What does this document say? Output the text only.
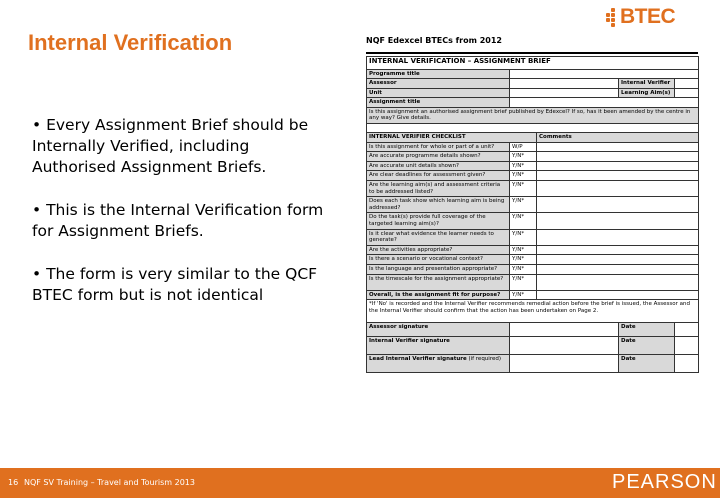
Internal Verification
BTEC
• Every Assignment Brief should be Internally Verified, including Authorised Assignment Briefs.
• This is the Internal Verification form for Assignment Briefs.
• The form is very similar to the QCF BTEC form but is not identical
NQF Edexcel BTECs from 2012
INTERNAL VERIFICATION – ASSIGNMENT BRIEF				
Programme title				
Assessor			Internal Verifier	
Unit			Learning Aim(s)	
Assignment title				
Is this assignment an authorised assignment brief published by Edexcel? If so, has it been amended by the centre in any way? Give details.				

INTERNAL VERIFIER CHECKLIST		Comments		
Is this assignment for whole or part of a unit?	W/P			
Are accurate programme details shown?	Y/N*			
Are accurate unit details shown?	Y/N*			
Are clear deadlines for assessment given?	Y/N*			
Are the learning aim(s) and assessment criteria to be addressed listed?	Y/N*			
Does each task show which learning aim is being addressed?	Y/N*			
Do the task(s) provide full coverage of the targeted learning aim(s)?	Y/N*			
Is it clear what evidence the learner needs to generate?	Y/N*			
Are the activities appropriate?	Y/N*			
Is there a scenario or vocational context?	Y/N*			
Is the language and presentation appropriate?	Y/N*			
Is the timescale for the assignment appropriate?	Y/N*			
Overall, is the assignment fit for purpose?	Y/N*			
*If 'No' is recorded and the Internal Verifier recommends remedial action before the brief is issued, the Assessor and the Internal Verifier should confirm that the action has been undertaken on Page 2.				
Assessor signature			Date	
Internal Verifier signature			Date	
Lead Internal Verifier signature (if required)			Date	
16 NQF SV Training – Travel and Tourism 2013	PEARSON
